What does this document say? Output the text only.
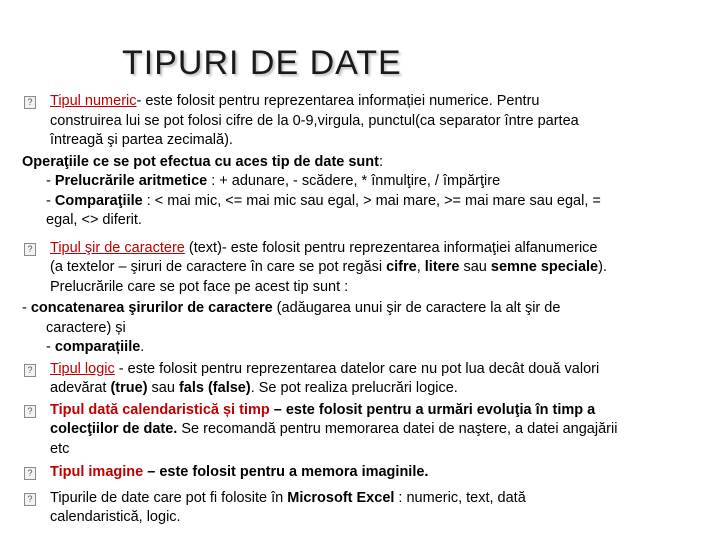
TIPURI DE DATE
? Tipul numeric- este folosit pentru reprezentarea informației numerice. Pentru
construirea lui se pot folosi cifre de la 0-9,virgula, punctul(ca separator între partea
întreagă şi partea zecimală).
Operaţiile ce se pot efectua cu aces tip de date sunt:
- Prelucrările aritmetice : + adunare, - scădere, * înmulţire, / împărţire
- Comparaţiile : < mai mic, <= mai mic sau egal, > mai mare, >= mai mare sau egal, =
egal, <> diferit.
? Tipul şir de caractere (text)- este folosit pentru reprezentarea informaţiei alfanumerice
(a textelor – şiruri de caractere în care se pot regăsi cifre, litere sau semne speciale).
Prelucrările care se pot face pe acest tip sunt :
- concatenarea şirurilor de caractere (adăugarea unui şir de caractere la alt şir de
caractere) și
- comparațiile.
? Tipul logic - este folosit pentru reprezentarea datelor care nu pot lua decât două valori
adevărat (true) sau fals (false). Se pot realiza prelucrări logice.
? Tipul dată calendaristică și timp – este folosit pentru a urmări evoluţia în timp a
colecţiilor de date. Se recomandă pentru memorarea datei de naştere, a datei angajării
etc
? Tipul imagine – este folosit pentru a memora imaginile.
? Tipurile de date care pot fi folosite în Microsoft Excel : numeric, text, dată
calendaristică, logic.
